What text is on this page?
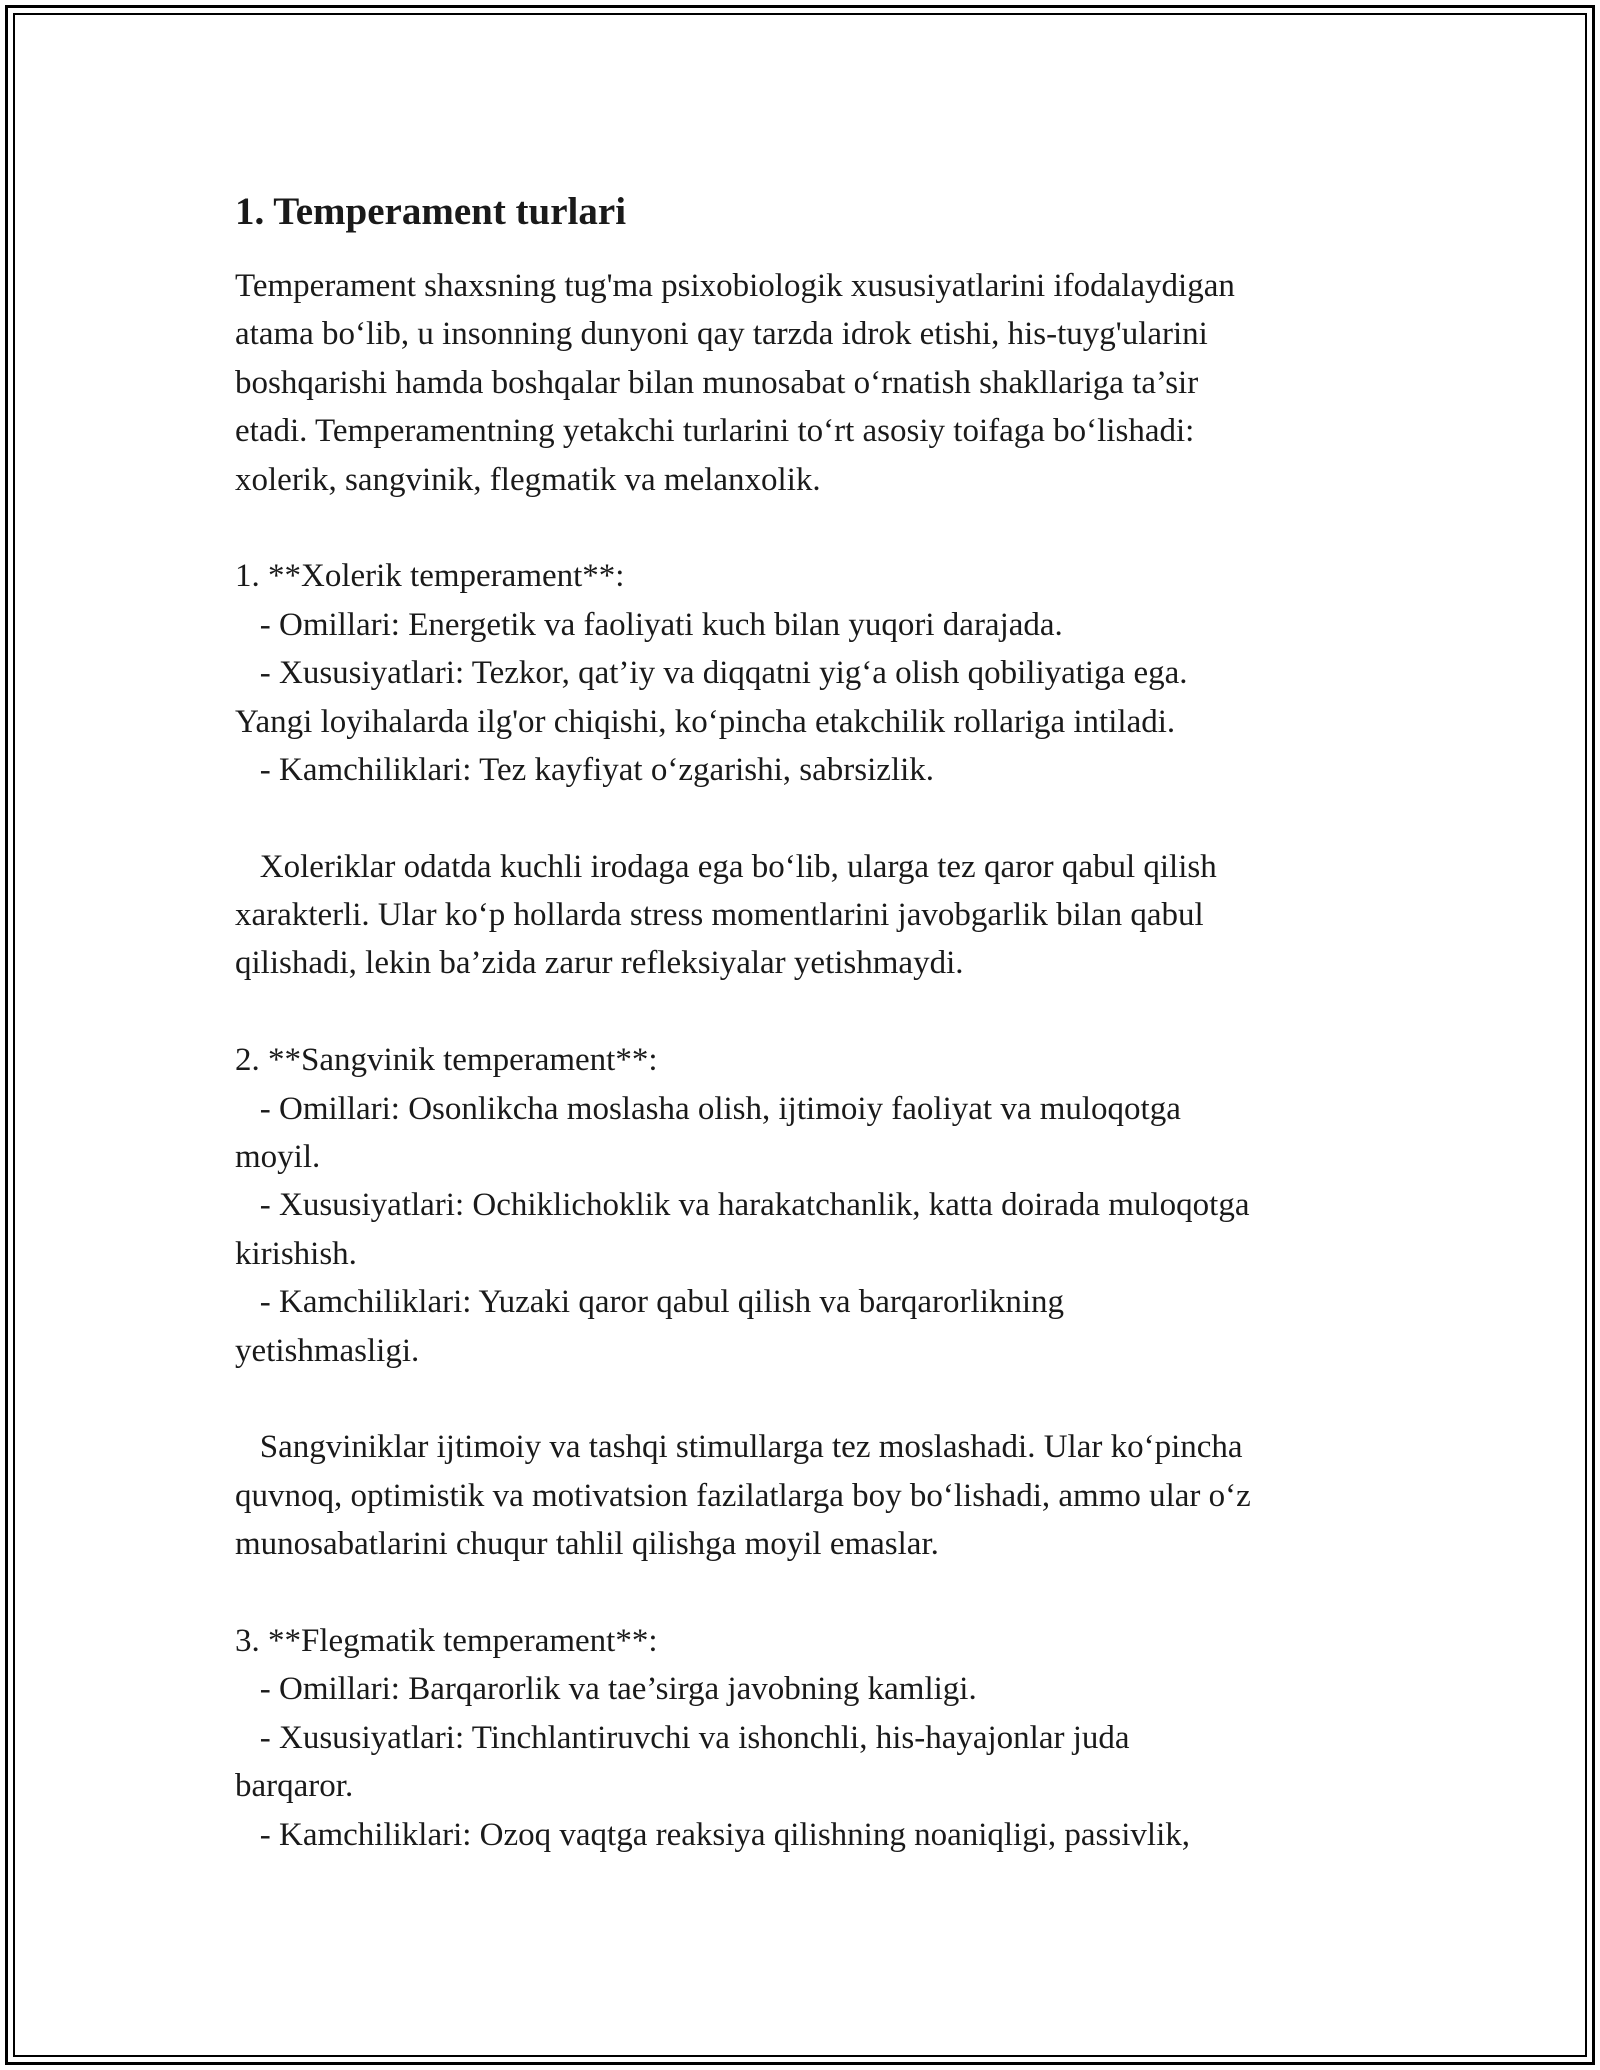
1. Temperament turlari
Temperament shaxsning tug'ma psixobiologik xususiyatlarini ifodalaydigan
atama bo‘lib, u insonning dunyoni qay tarzda idrok etishi, his-tuyg'ularini
boshqarishi hamda boshqalar bilan munosabat o‘rnatish shakllariga ta’sir
etadi. Temperamentning yetakchi turlarini to‘rt asosiy toifaga bo‘lishadi:
xolerik, sangvinik, flegmatik va melanxolik.
1. **Xolerik temperament**:
- Omillari: Energetik va faoliyati kuch bilan yuqori darajada.
- Xususiyatlari: Tezkor, qat’iy va diqqatni yig‘a olish qobiliyatiga ega.
Yangi loyihalarda ilg'or chiqishi, ko‘pincha etakchilik rollariga intiladi.
- Kamchiliklari: Tez kayfiyat o‘zgarishi, sabrsizlik.
Xoleriklar odatda kuchli irodaga ega bo‘lib, ularga tez qaror qabul qilish
xarakterli. Ular ko‘p hollarda stress momentlarini javobgarlik bilan qabul
qilishadi, lekin ba’zida zarur refleksiyalar yetishmaydi.
2. **Sangvinik temperament**:
- Omillari: Osonlikcha moslasha olish, ijtimoiy faoliyat va muloqotga
moyil.
- Xususiyatlari: Ochiklichoklik va harakatchanlik, katta doirada muloqotga
kirishish.
- Kamchiliklari: Yuzaki qaror qabul qilish va barqarorlikning
yetishmasligi.
Sangviniklar ijtimoiy va tashqi stimullarga tez moslashadi. Ular ko‘pincha
quvnoq, optimistik va motivatsion fazilatlarga boy bo‘lishadi, ammo ular o‘z
munosabatlarini chuqur tahlil qilishga moyil emaslar.
3. **Flegmatik temperament**:
- Omillari: Barqarorlik va tae’sirga javobning kamligi.
- Xususiyatlari: Tinchlantiruvchi va ishonchli, his-hayajonlar juda
barqaror.
- Kamchiliklari: Ozoq vaqtga reaksiya qilishning noaniqligi, passivlik,
